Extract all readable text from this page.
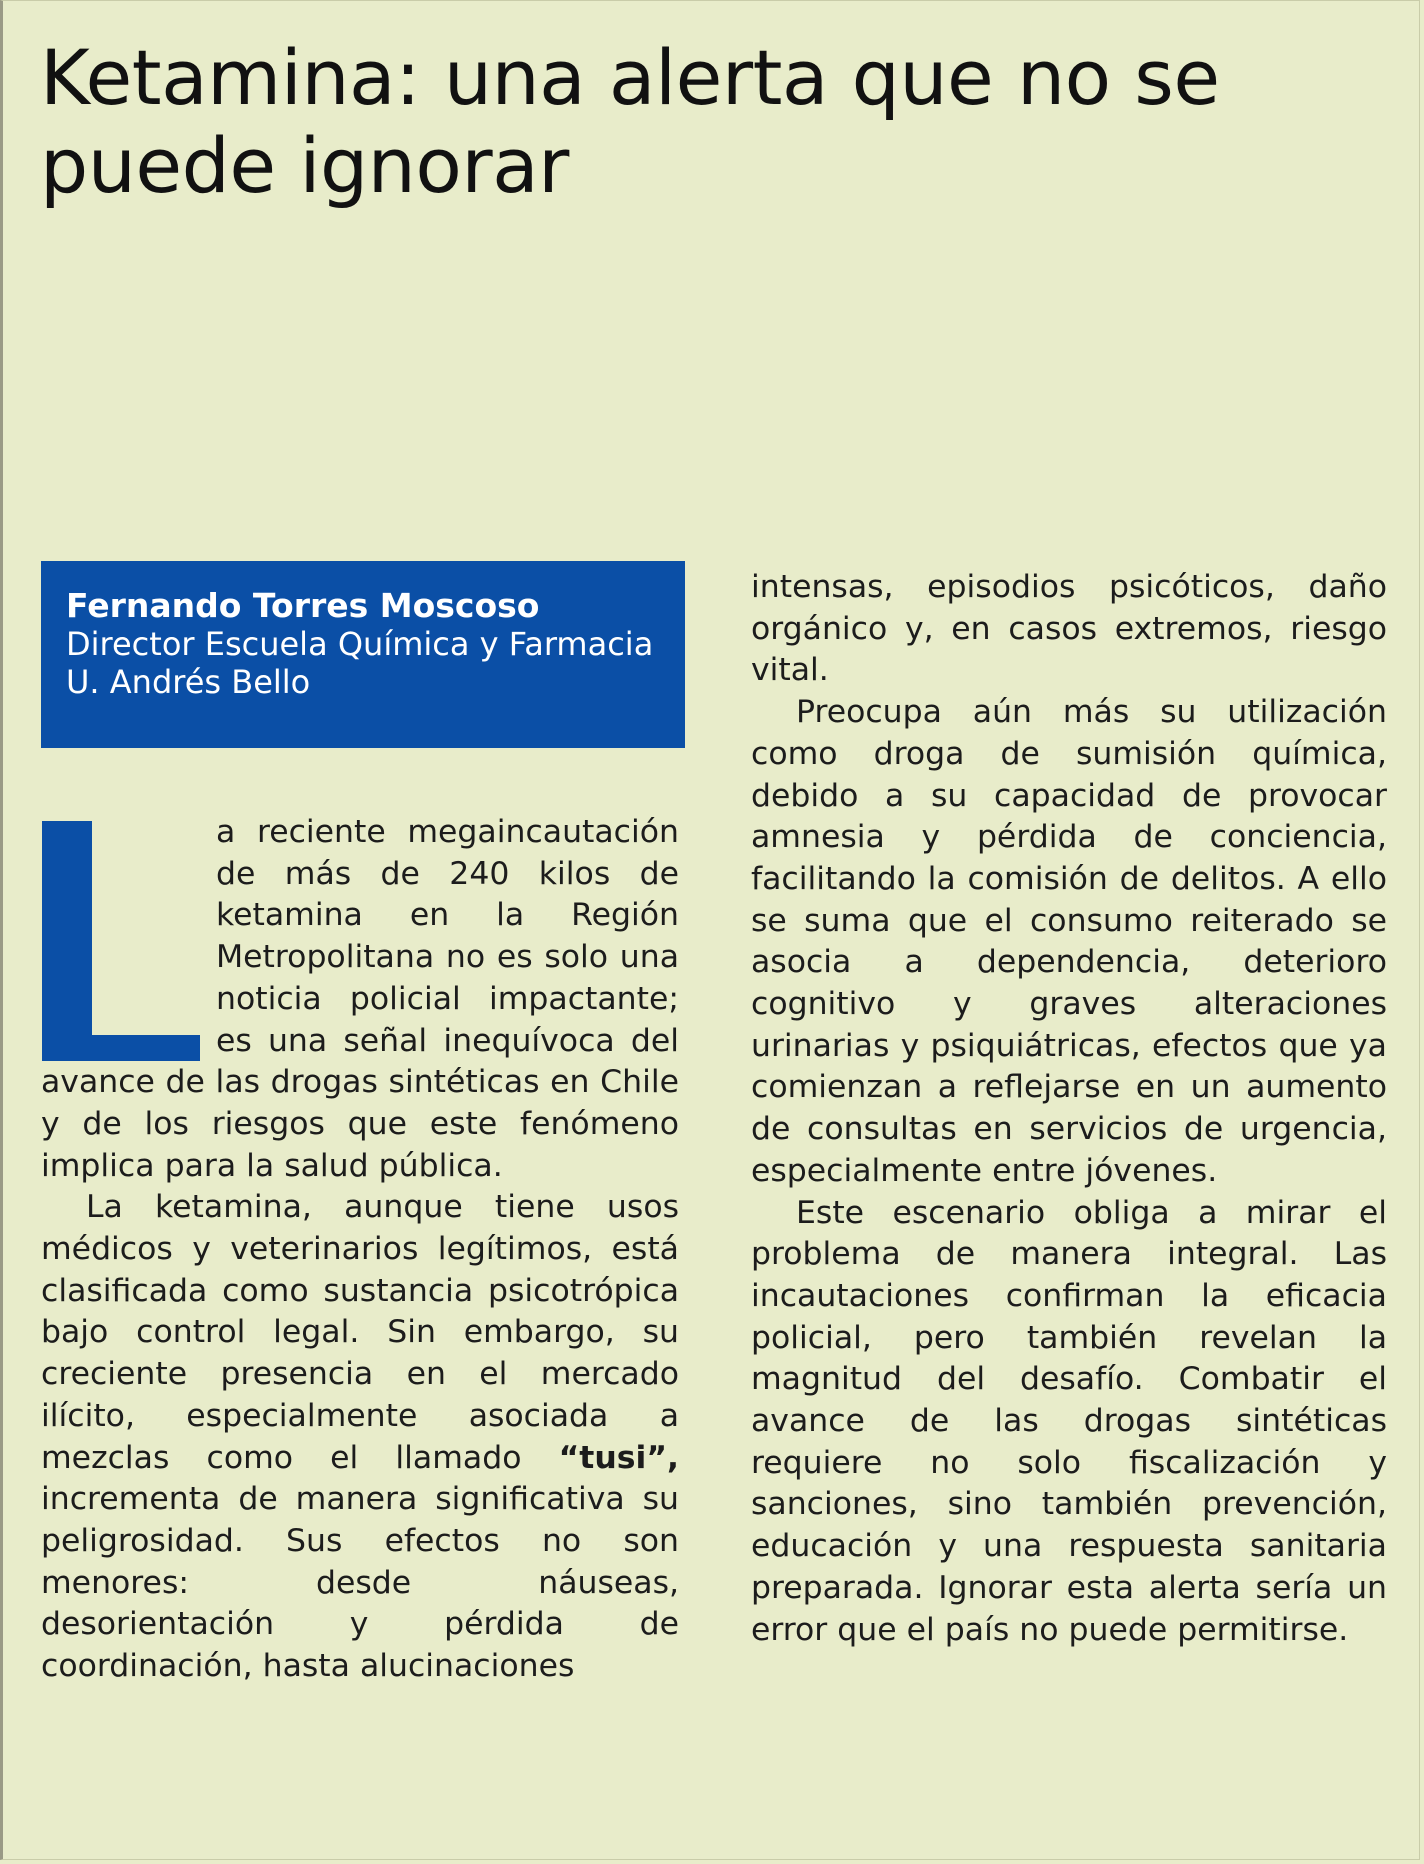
Ketamina: una alerta que no se puede ignorar
Fernando Torres Moscoso
Director Escuela Química y Farmacia U. Andrés Bello

a reciente megaincautación de más de 240 kilos de ketamina en la Región Metropolitana no es solo una noticia policial impactante; es una señal inequívoca del avance de las drogas sintéticas en Chile y de los riesgos que este fenómeno implica para la salud pública.

La ketamina, aunque tiene usos médicos y veterinarios legítimos, está clasificada como sustancia psicotrópica bajo control legal. Sin embargo, su creciente presencia en el mercado ilícito, especialmente asociada a mezclas como el llamado “tusi”, incrementa de manera significativa su peligrosidad. Sus efectos no son menores: desde náuseas, desorientación y pérdida de coordinación, hasta alucinaciones

intensas, episodios psicóticos, daño orgánico y, en casos extremos, riesgo vital.

Preocupa aún más su utilización como droga de sumisión química, debido a su capacidad de provocar amnesia y pérdida de conciencia, facilitando la comisión de delitos. A ello se suma que el consumo reiterado se asocia a dependencia, deterioro cognitivo y graves alteraciones urinarias y psiquiátricas, efectos que ya comienzan a reflejarse en un aumento de consultas en servicios de urgencia, especialmente entre jóvenes.

Este escenario obliga a mirar el problema de manera integral. Las incautaciones confirman la eficacia policial, pero también revelan la magnitud del desafío. Combatir el avance de las drogas sintéticas requiere no solo fiscalización y sanciones, sino también prevención, educación y una respuesta sanitaria preparada. Ignorar esta alerta sería un error que el país no puede permitirse.
